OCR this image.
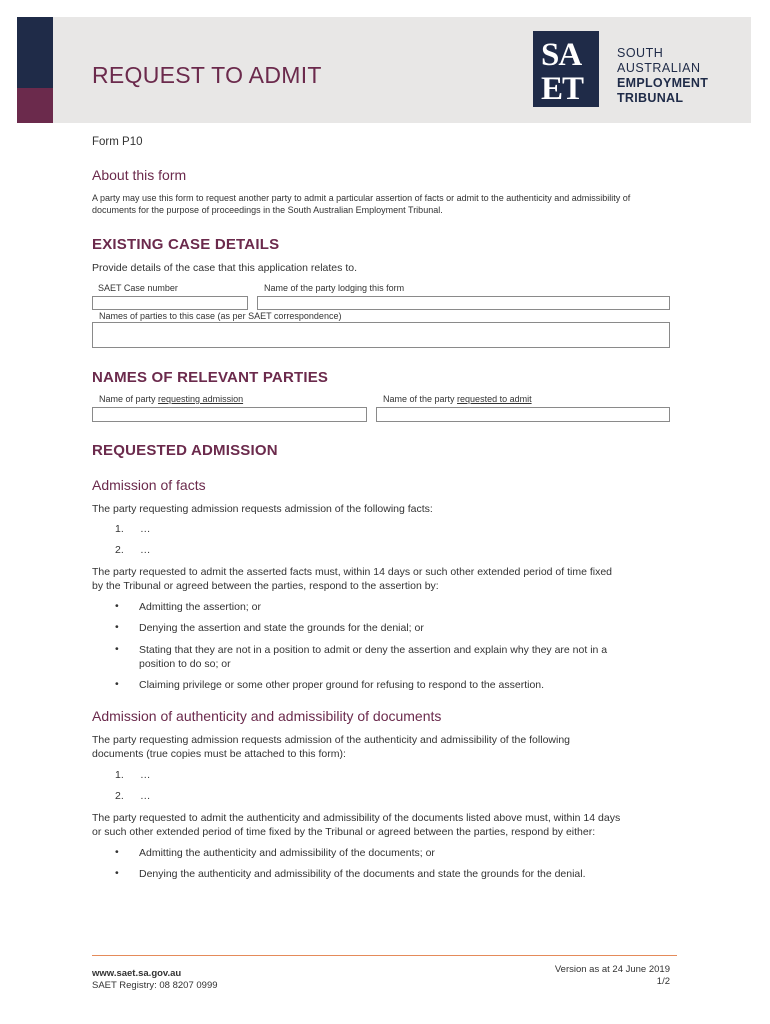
REQUEST TO ADMIT
SA
ET
SOUTH
AUSTRALIAN
EMPLOYMENT
TRIBUNAL
Form P10
About this form
A party may use this form to request another party to admit a particular assertion of facts or admit to the authenticity and admissibility of documents for the purpose of proceedings in the South Australian Employment Tribunal.
EXISTING CASE DETAILS
Provide details of the case that this application relates to.
SAET Case number	Name of the party lodging this form
Names of parties to this case (as per SAET correspondence)
NAMES OF RELEVANT PARTIES
Name of party requesting admission	Name of the party requested to admit
REQUESTED ADMISSION
Admission of facts
The party requesting admission requests admission of the following facts:
1. …
2. …
The party requested to admit the asserted facts must, within 14 days or such other extended period of time fixed
by the Tribunal or agreed between the parties, respond to the assertion by:
• Admitting the assertion; or
• Denying the assertion and state the grounds for the denial; or
• Stating that they are not in a position to admit or deny the assertion and explain why they are not in a
position to do so; or
• Claiming privilege or some other proper ground for refusing to respond to the assertion.
Admission of authenticity and admissibility of documents
The party requesting admission requests admission of the authenticity and admissibility of the following
documents (true copies must be attached to this form):
1. …
2. …
The party requested to admit the authenticity and admissibility of the documents listed above must, within 14 days
or such other extended period of time fixed by the Tribunal or agreed between the parties, respond by either:
• Admitting the authenticity and admissibility of the documents; or
• Denying the authenticity and admissibility of the documents and state the grounds for the denial.
www.saet.sa.gov.au
SAET Registry: 08 8207 0999
Version as at 24 June 2019
1/2
